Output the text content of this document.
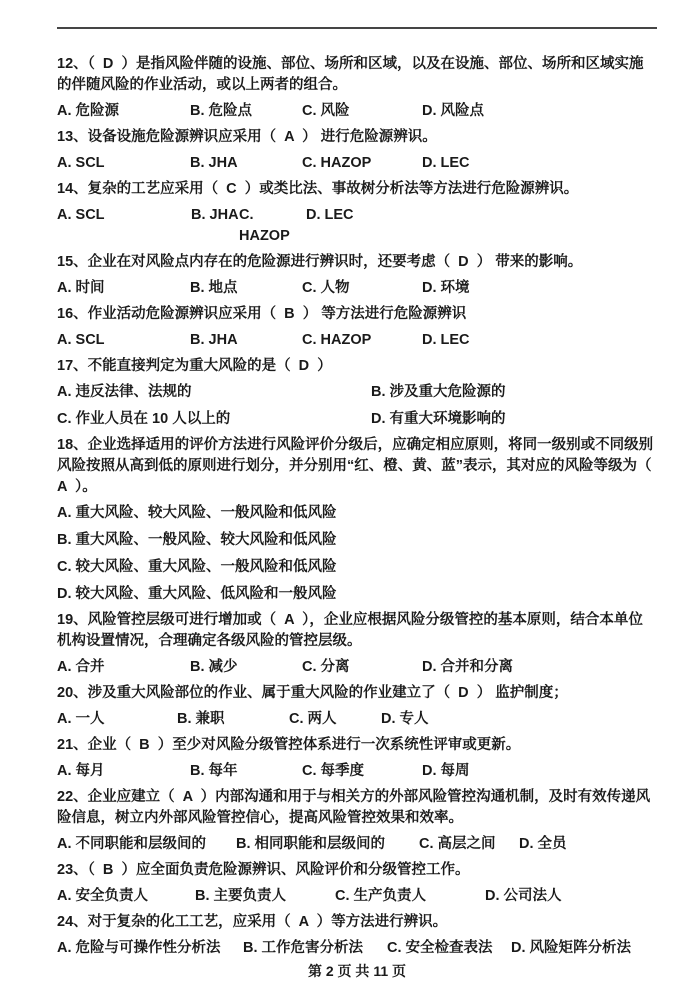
12、（  D  ）是指风险伴随的设施、部位、场所和区域，以及在设施、部位、场所和区域实施的伴随风险的作业活动，或以上两者的组合。

A. 危险源	B. 危险点	C. 风险	D. 风险点

13、设备设施危险源辨识应采用（  A  ） 进行危险源辨识。

A. SCL	B. JHA	C. HAZOP	D. LEC

14、复杂的工艺应采用（  C  ）或类比法、事故树分析法等方法进行危险源辨识。

A. SCL	B. JHA C. HAZOP
D. LEC

15、企业在对风险点内存在的危险源进行辨识时，还要考虑（  D  ） 带来的影响。

A. 时间	B. 地点	C. 人物	D. 环境

16、作业活动危险源辨识应采用（  B  ） 等方法进行危险源辨识

A. SCL	B. JHA	C. HAZOP	D. LEC

17、不能直接判定为重大风险的是（  D  ）

A. 违反法律、法规的	B. 涉及重大危险源的
C. 作业人员在 10 人以上的	D. 有重大环境影响的

18、企业选择适用的评价方法进行风险评价分级后，应确定相应原则，将同一级别或不同级别风险按照从高到低的原则进行划分，并分别用“红、橙、黄、蓝”表示，其对应的风险等级为（  A  ）。

A. 重大风险、较大风险、一般风险和低风险
B. 重大风险、一般风险、较大风险和低风险
C. 较大风险、重大风险、一般风险和低风险
D. 较大风险、重大风险、低风险和一般风险

19、风险管控层级可进行增加或（  A  ），企业应根据风险分级管控的基本原则，结合本单位机构设置情况，合理确定各级风险的管控层级。

A. 合并	B. 减少	C. 分离	D. 合并和分离

20、涉及重大风险部位的作业、属于重大风险的作业建立了（  D  ） 监护制度；

A. 一人	B. 兼职	C. 两人	D. 专人

21、企业（  B  ）至少对风险分级管控体系进行一次系统性评审或更新。

A. 每月	B. 每年	C. 每季度	D. 每周

22、企业应建立（  A  ）内部沟通和用于与相关方的外部风险管控沟通机制，及时有效传递风险信息，树立内外部风险管控信心，提高风险管控效果和效率。

A. 不同职能和层级间的	B. 相同职能和层级间的	C. 高层之间	D. 全员

23、（  B  ）应全面负责危险源辨识、风险评价和分级管控工作。

A. 安全负责人	B. 主要负责人	C. 生产负责人	D. 公司法人

24、对于复杂的化工工艺，应采用（  A  ）等方法进行辨识。

A. 危险与可操作性分析法	B. 工作危害分析法	C. 安全检查表法	D. 风险矩阵分析法
第 2 页 共 11 页
